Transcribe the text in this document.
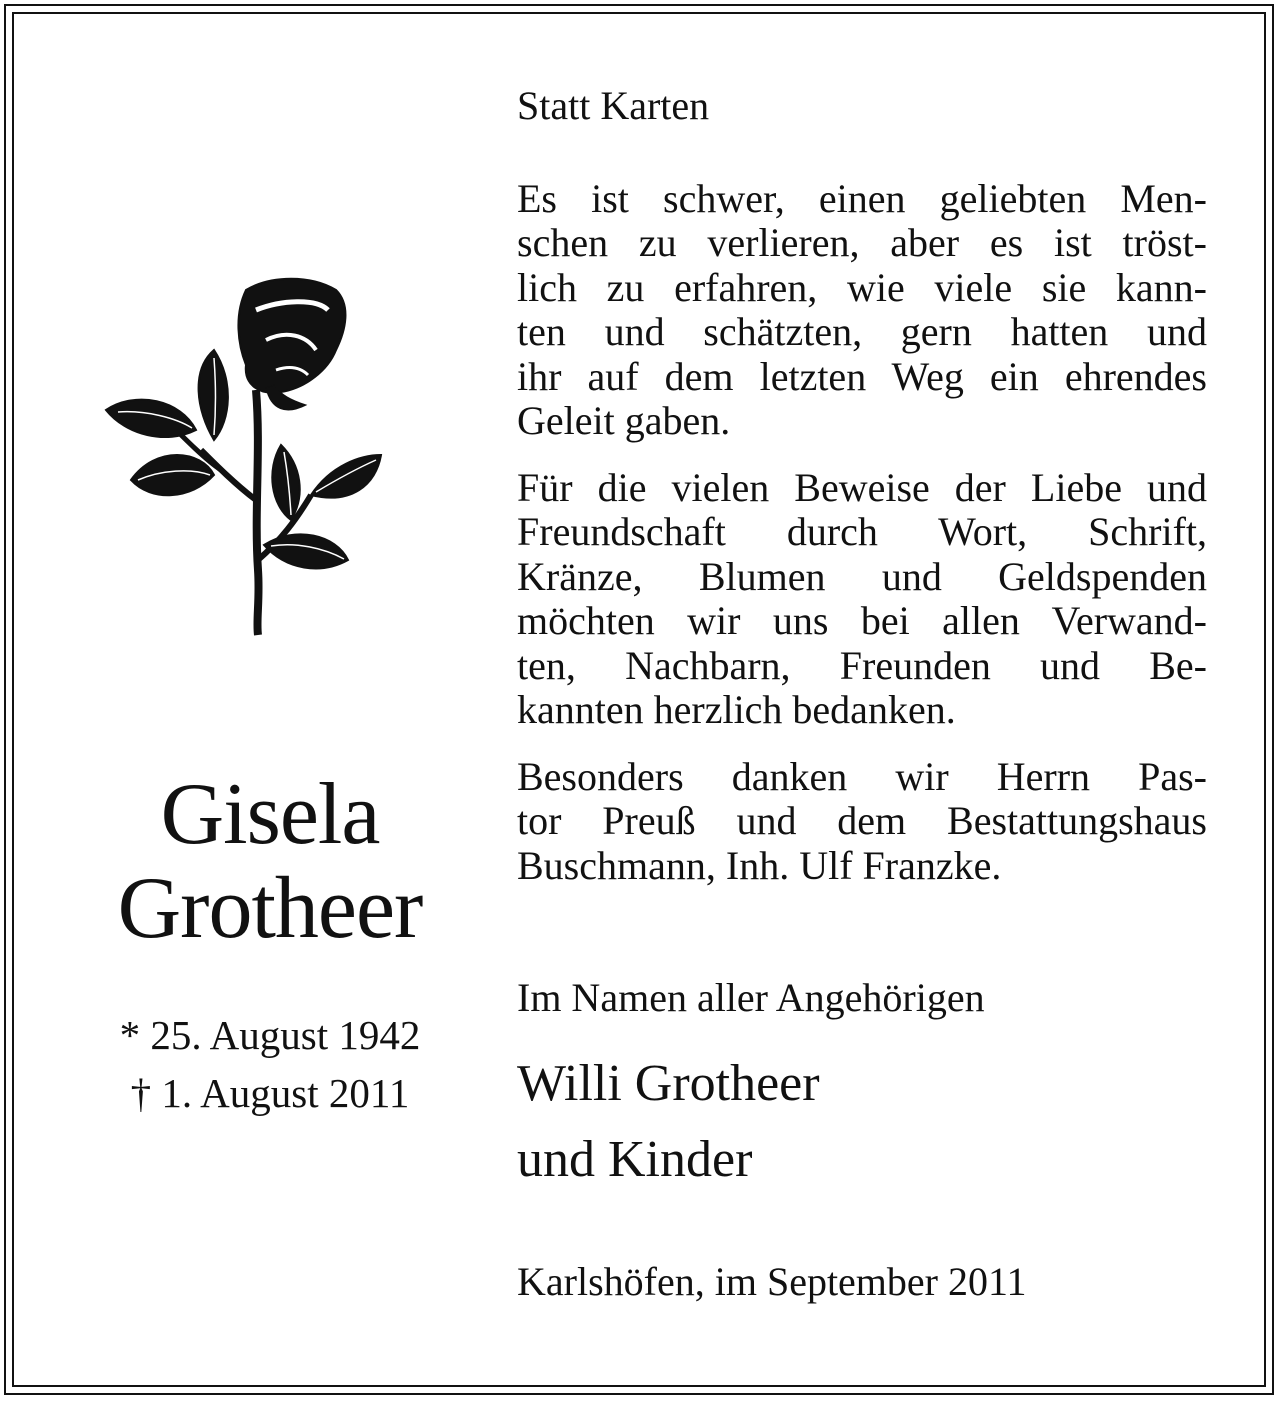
Gisela
Grotheer
* 25. August 1942
† 1. August 2011
Statt Karten
Es ist schwer, einen geliebten Men-
schen zu verlieren, aber es ist tröst-
lich zu erfahren, wie viele sie kann-
ten und schätzten, gern hatten und
ihr auf dem letzten Weg ein ehrendes
Geleit gaben.
Für die vielen Beweise der Liebe und
Freundschaft durch Wort, Schrift,
Kränze, Blumen und Geldspenden
möchten wir uns bei allen Verwand-
ten, Nachbarn, Freunden und Be-
kannten herzlich bedanken.
Besonders danken wir Herrn Pas-
tor Preuß und dem Bestattungshaus
Buschmann, Inh. Ulf Franzke.
Im Namen aller Angehörigen
Willi Grotheer
und Kinder
Karlshöfen, im September 2011
